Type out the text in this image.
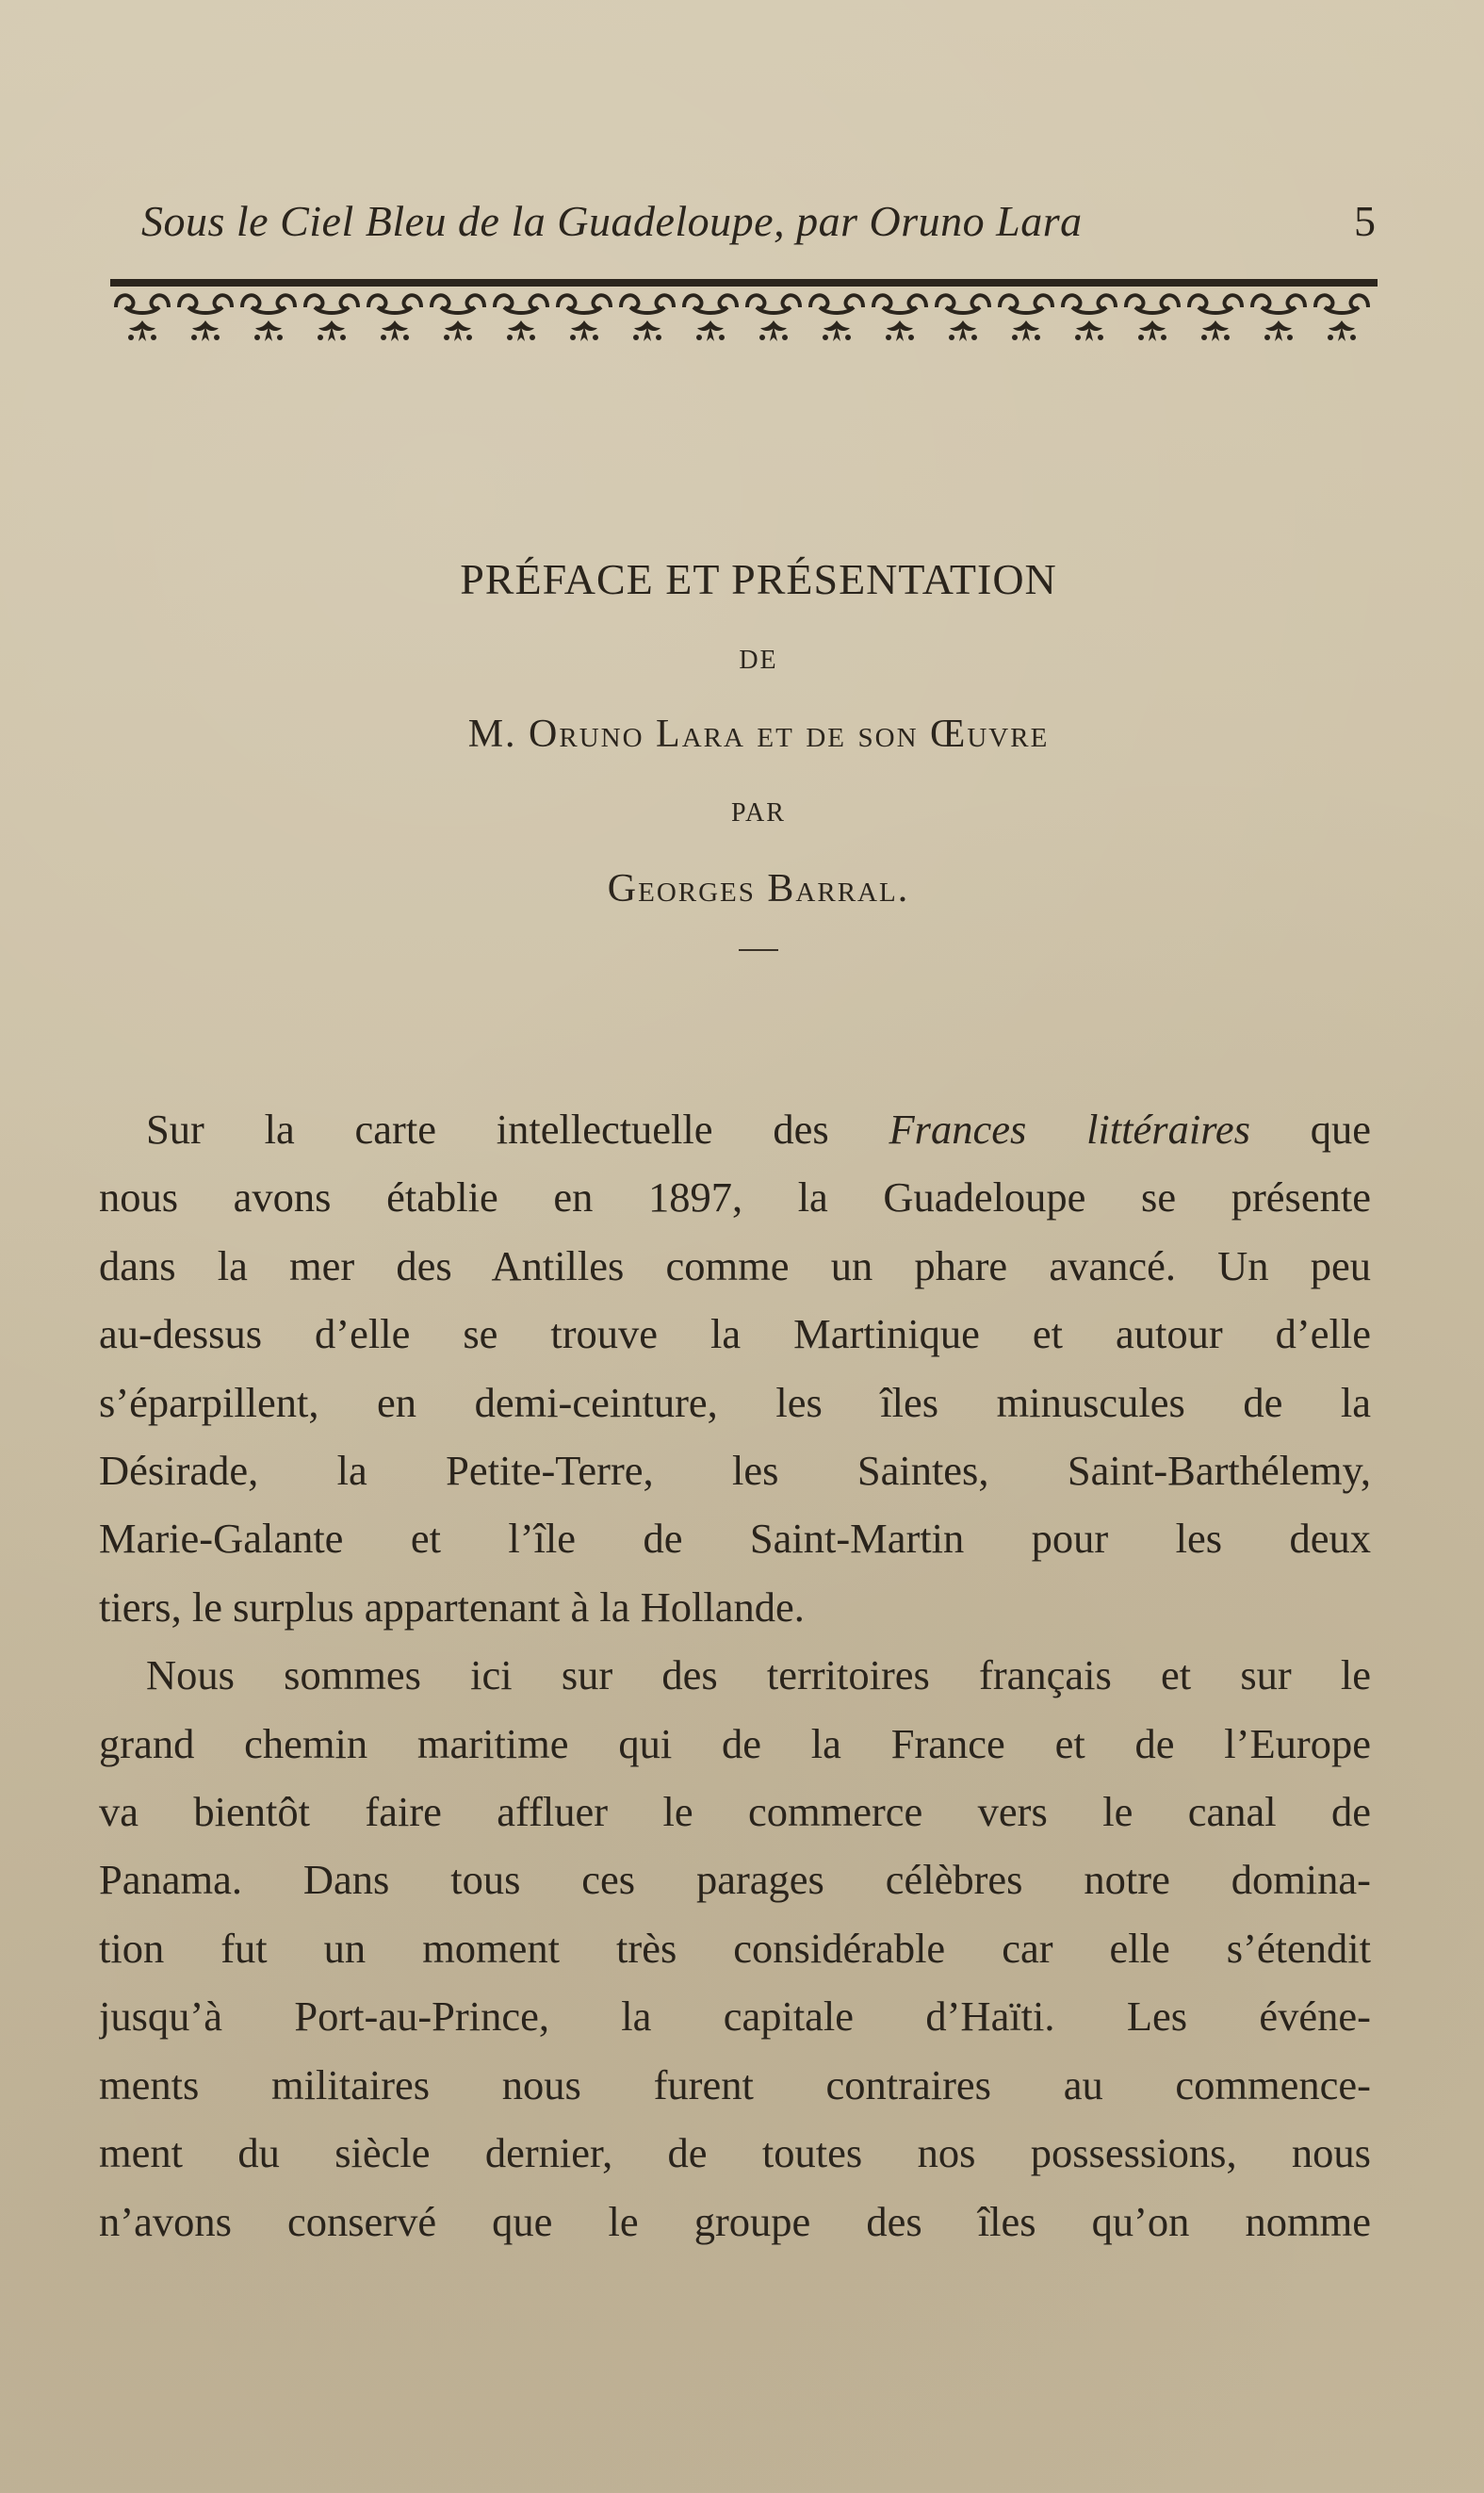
Sous le Ciel Bleu de la Guadeloupe, par Oruno Lara	5
PRÉFACE ET PRÉSENTATION
DE
M. Oruno Lara et de son Œuvre
PAR
Georges Barral.
Sur la carte intellectuelle des Frances littéraires que
nous avons établie en 1897, la Guadeloupe se présente
dans la mer des Antilles comme un phare avancé. Un peu
au-dessus d’elle se trouve la Martinique et autour d’elle
s’éparpillent, en demi-ceinture, les îles minuscules de la
Désirade, la Petite-Terre, les Saintes, Saint-Barthélemy,
Marie-Galante et l’île de Saint-Martin pour les deux
tiers, le surplus appartenant à la Hollande.
Nous sommes ici sur des territoires français et sur le
grand chemin maritime qui de la France et de l’Europe
va bientôt faire affluer le commerce vers le canal de
Panama. Dans tous ces parages célèbres notre domina-
tion fut un moment très considérable car elle s’étendit
jusqu’à Port-au-Prince, la capitale d’Haïti. Les événe-
ments militaires nous furent contraires au commence-
ment du siècle dernier, de toutes nos possessions, nous
n’avons conservé que le groupe des îles qu’on nomme
